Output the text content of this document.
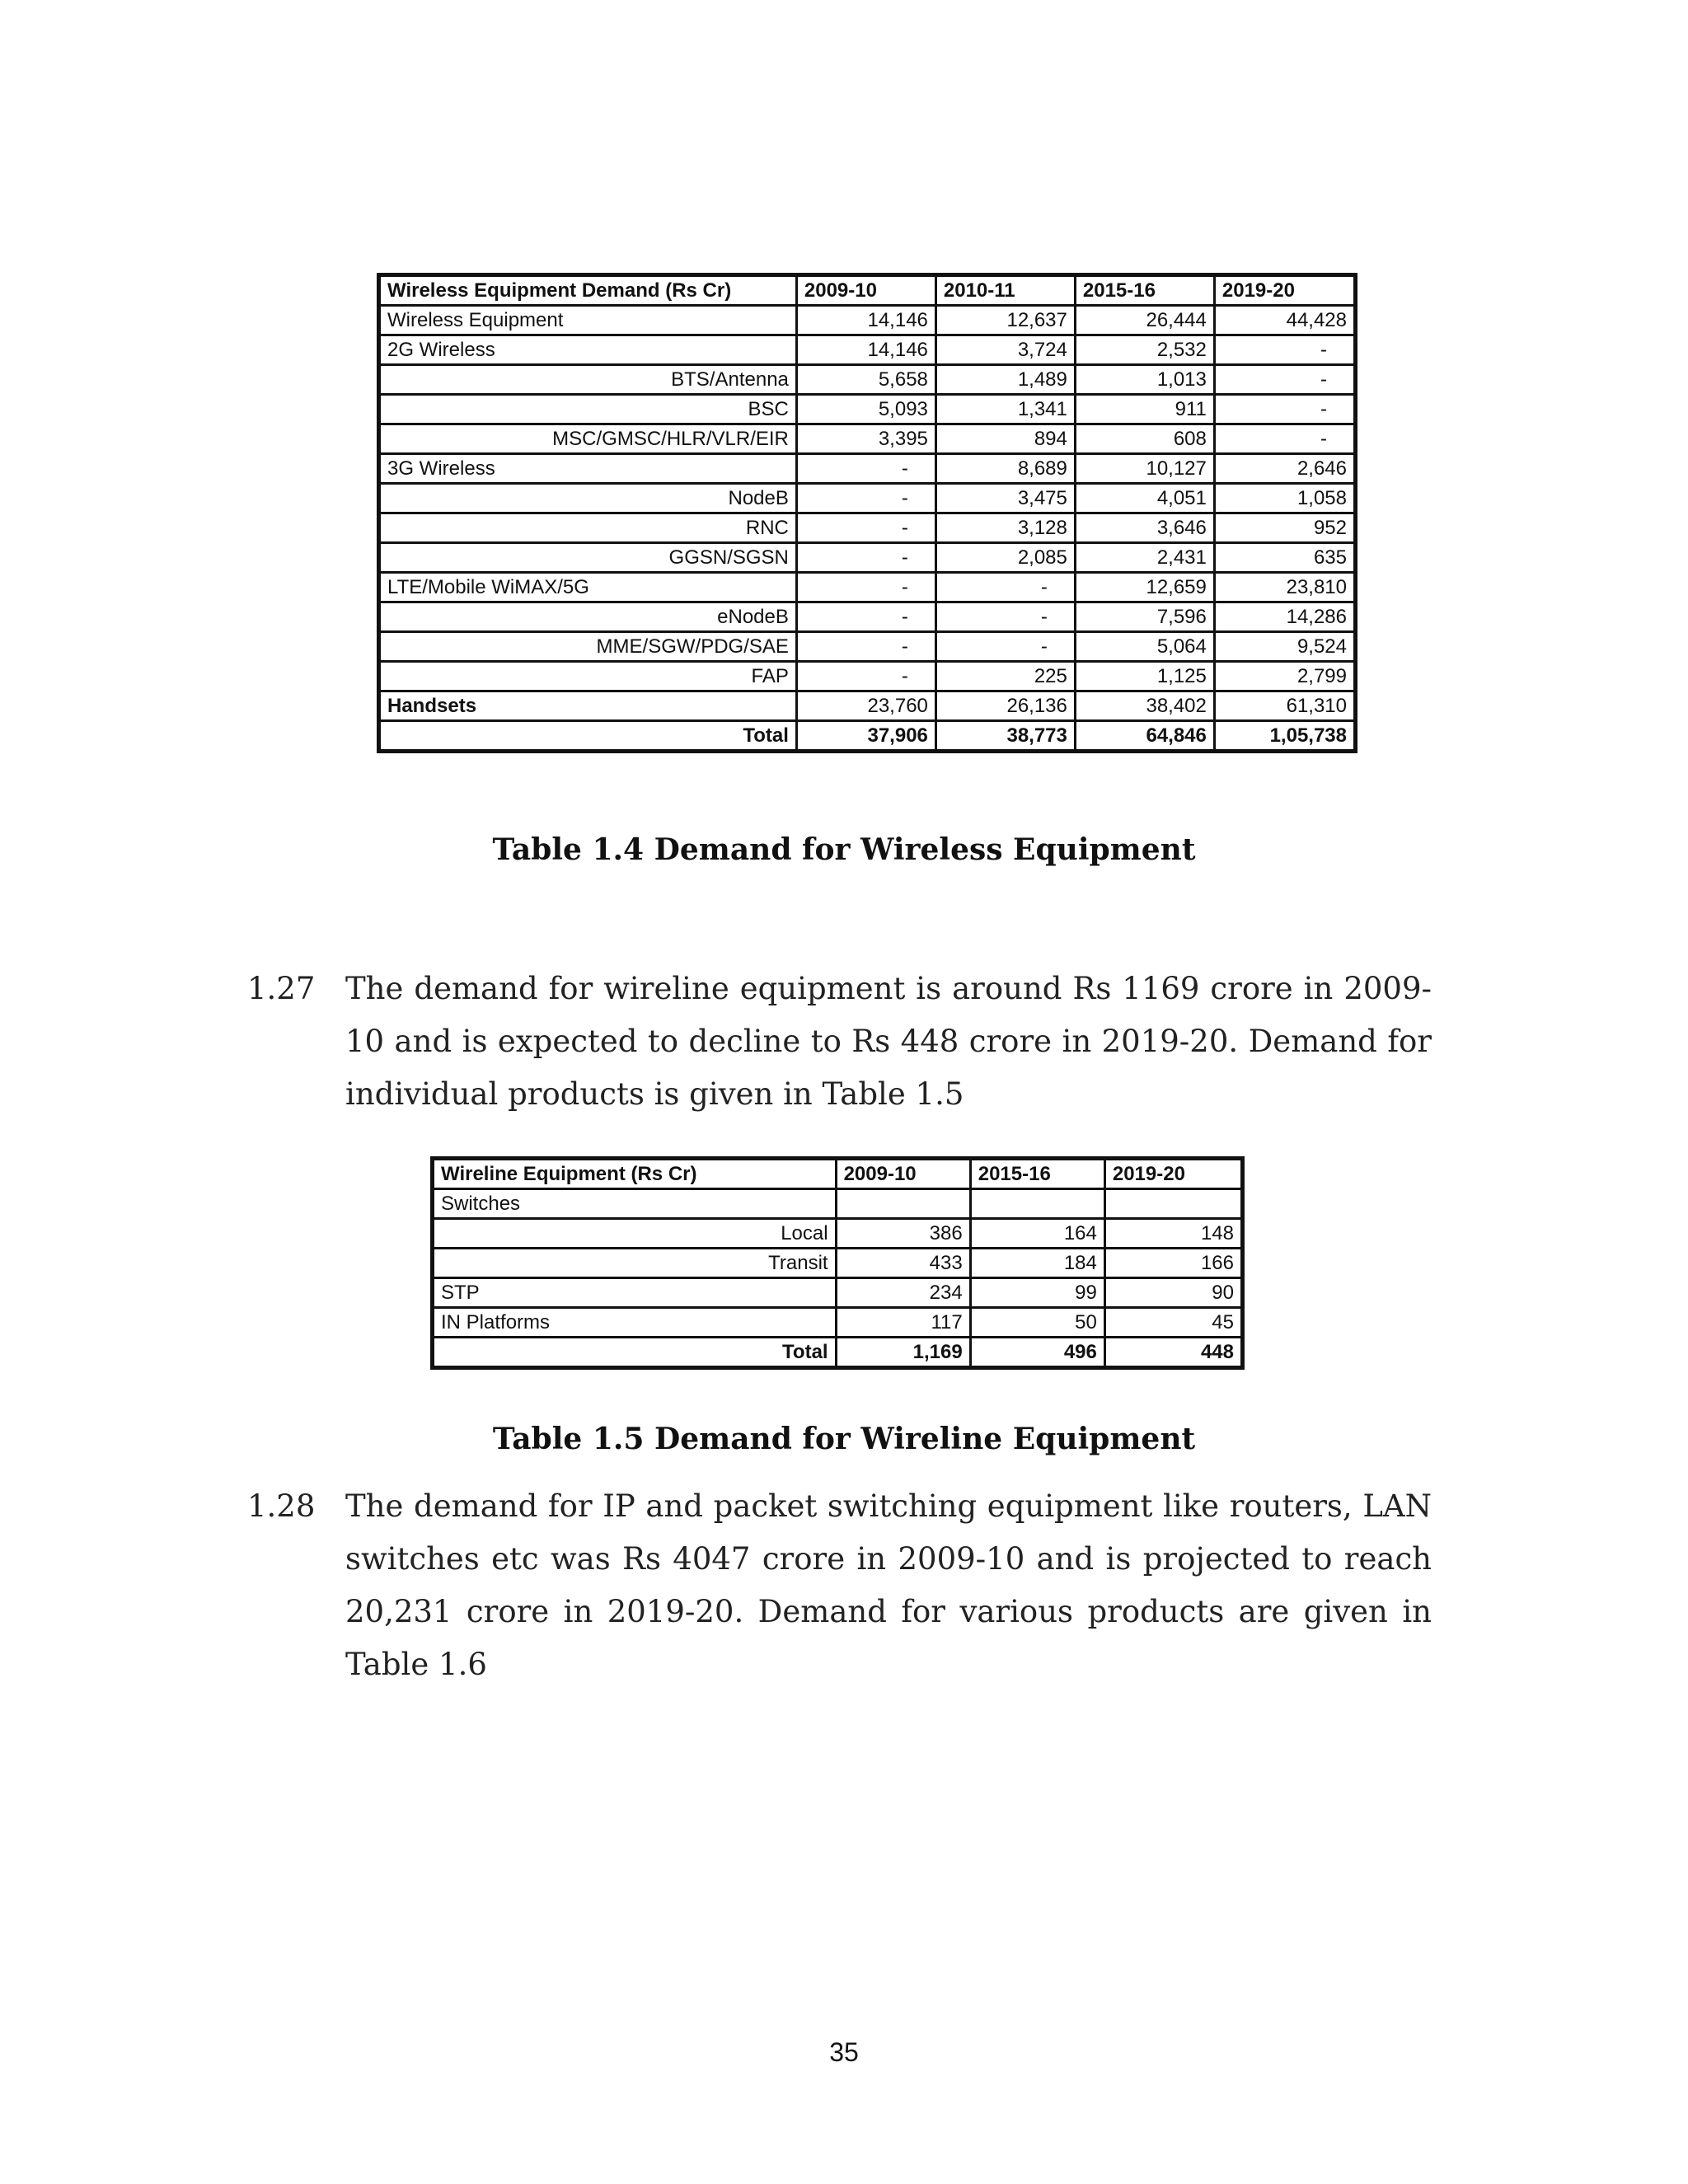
Wireless Equipment Demand (Rs Cr)	2009-10	2010-11	2015-16	2019-20
Wireless Equipment	14,146	12,637	26,444	44,428
2G Wireless	14,146	3,724	2,532	-
BTS/Antenna	5,658	1,489	1,013	-
BSC	5,093	1,341	911	-
MSC/GMSC/HLR/VLR/EIR	3,395	894	608	-
3G Wireless	-	8,689	10,127	2,646
NodeB	-	3,475	4,051	1,058
RNC	-	3,128	3,646	952
GGSN/SGSN	-	2,085	2,431	635
LTE/Mobile WiMAX/5G	-	-	12,659	23,810
eNodeB	-	-	7,596	14,286
MME/SGW/PDG/SAE	-	-	5,064	9,524
FAP	-	225	1,125	2,799
Handsets	23,760	26,136	38,402	61,310
Total	37,906	38,773	64,846	1,05,738
Table 1.4 Demand for Wireless Equipment
1.27 The demand for wireline equipment is around Rs 1169 crore in 2009-10 and is expected to decline to Rs 448 crore in 2019-20. Demand for individual products is given in Table 1.5
Wireline Equipment (Rs Cr)	2009-10	2015-16	2019-20
Switches			
Local	386	164	148
Transit	433	184	166
STP	234	99	90
IN Platforms	117	50	45
Total	1,169	496	448
Table 1.5 Demand for Wireline Equipment
1.28 The demand for IP and packet switching equipment like routers, LAN switches etc was Rs 4047 crore in 2009-10 and is projected to reach 20,231 crore in 2019-20. Demand for various products are given in Table 1.6
35
